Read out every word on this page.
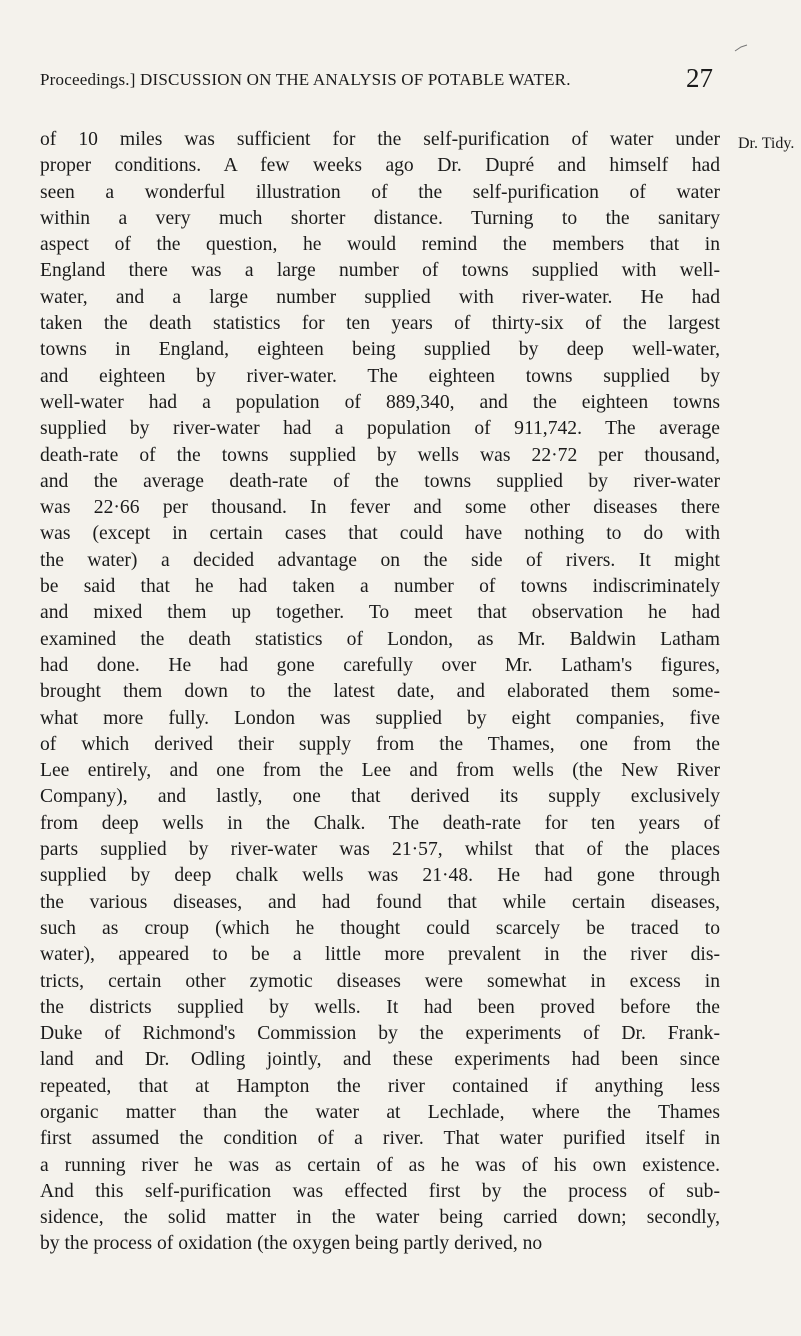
Proceedings.] DISCUSSION ON THE ANALYSIS OF POTABLE WATER.	27
Dr. Tidy.
of 10 miles was sufficient for the self-purification of water under
proper conditions. A few weeks ago Dr. Dupré and himself had
seen a wonderful illustration of the self-purification of water
within a very much shorter distance. Turning to the sanitary
aspect of the question, he would remind the members that in
England there was a large number of towns supplied with well-
water, and a large number supplied with river-water. He had
taken the death statistics for ten years of thirty-six of the largest
towns in England, eighteen being supplied by deep well-water,
and eighteen by river-water. The eighteen towns supplied by
well-water had a population of 889,340, and the eighteen towns
supplied by river-water had a population of 911,742. The average
death-rate of the towns supplied by wells was 22·72 per thousand,
and the average death-rate of the towns supplied by river-water
was 22·66 per thousand. In fever and some other diseases there
was (except in certain cases that could have nothing to do with
the water) a decided advantage on the side of rivers. It might
be said that he had taken a number of towns indiscriminately
and mixed them up together. To meet that observation he had
examined the death statistics of London, as Mr. Baldwin Latham
had done. He had gone carefully over Mr. Latham's figures,
brought them down to the latest date, and elaborated them some-
what more fully. London was supplied by eight companies, five
of which derived their supply from the Thames, one from the
Lee entirely, and one from the Lee and from wells (the New River
Company), and lastly, one that derived its supply exclusively
from deep wells in the Chalk. The death-rate for ten years of
parts supplied by river-water was 21·57, whilst that of the places
supplied by deep chalk wells was 21·48. He had gone through
the various diseases, and had found that while certain diseases,
such as croup (which he thought could scarcely be traced to
water), appeared to be a little more prevalent in the river dis-
tricts, certain other zymotic diseases were somewhat in excess in
the districts supplied by wells. It had been proved before the
Duke of Richmond's Commission by the experiments of Dr. Frank-
land and Dr. Odling jointly, and these experiments had been since
repeated, that at Hampton the river contained if anything less
organic matter than the water at Lechlade, where the Thames
first assumed the condition of a river. That water purified itself in
a running river he was as certain of as he was of his own existence.
And this self-purification was effected first by the process of sub-
sidence, the solid matter in the water being carried down; secondly,
by the process of oxidation (the oxygen being partly derived, no
